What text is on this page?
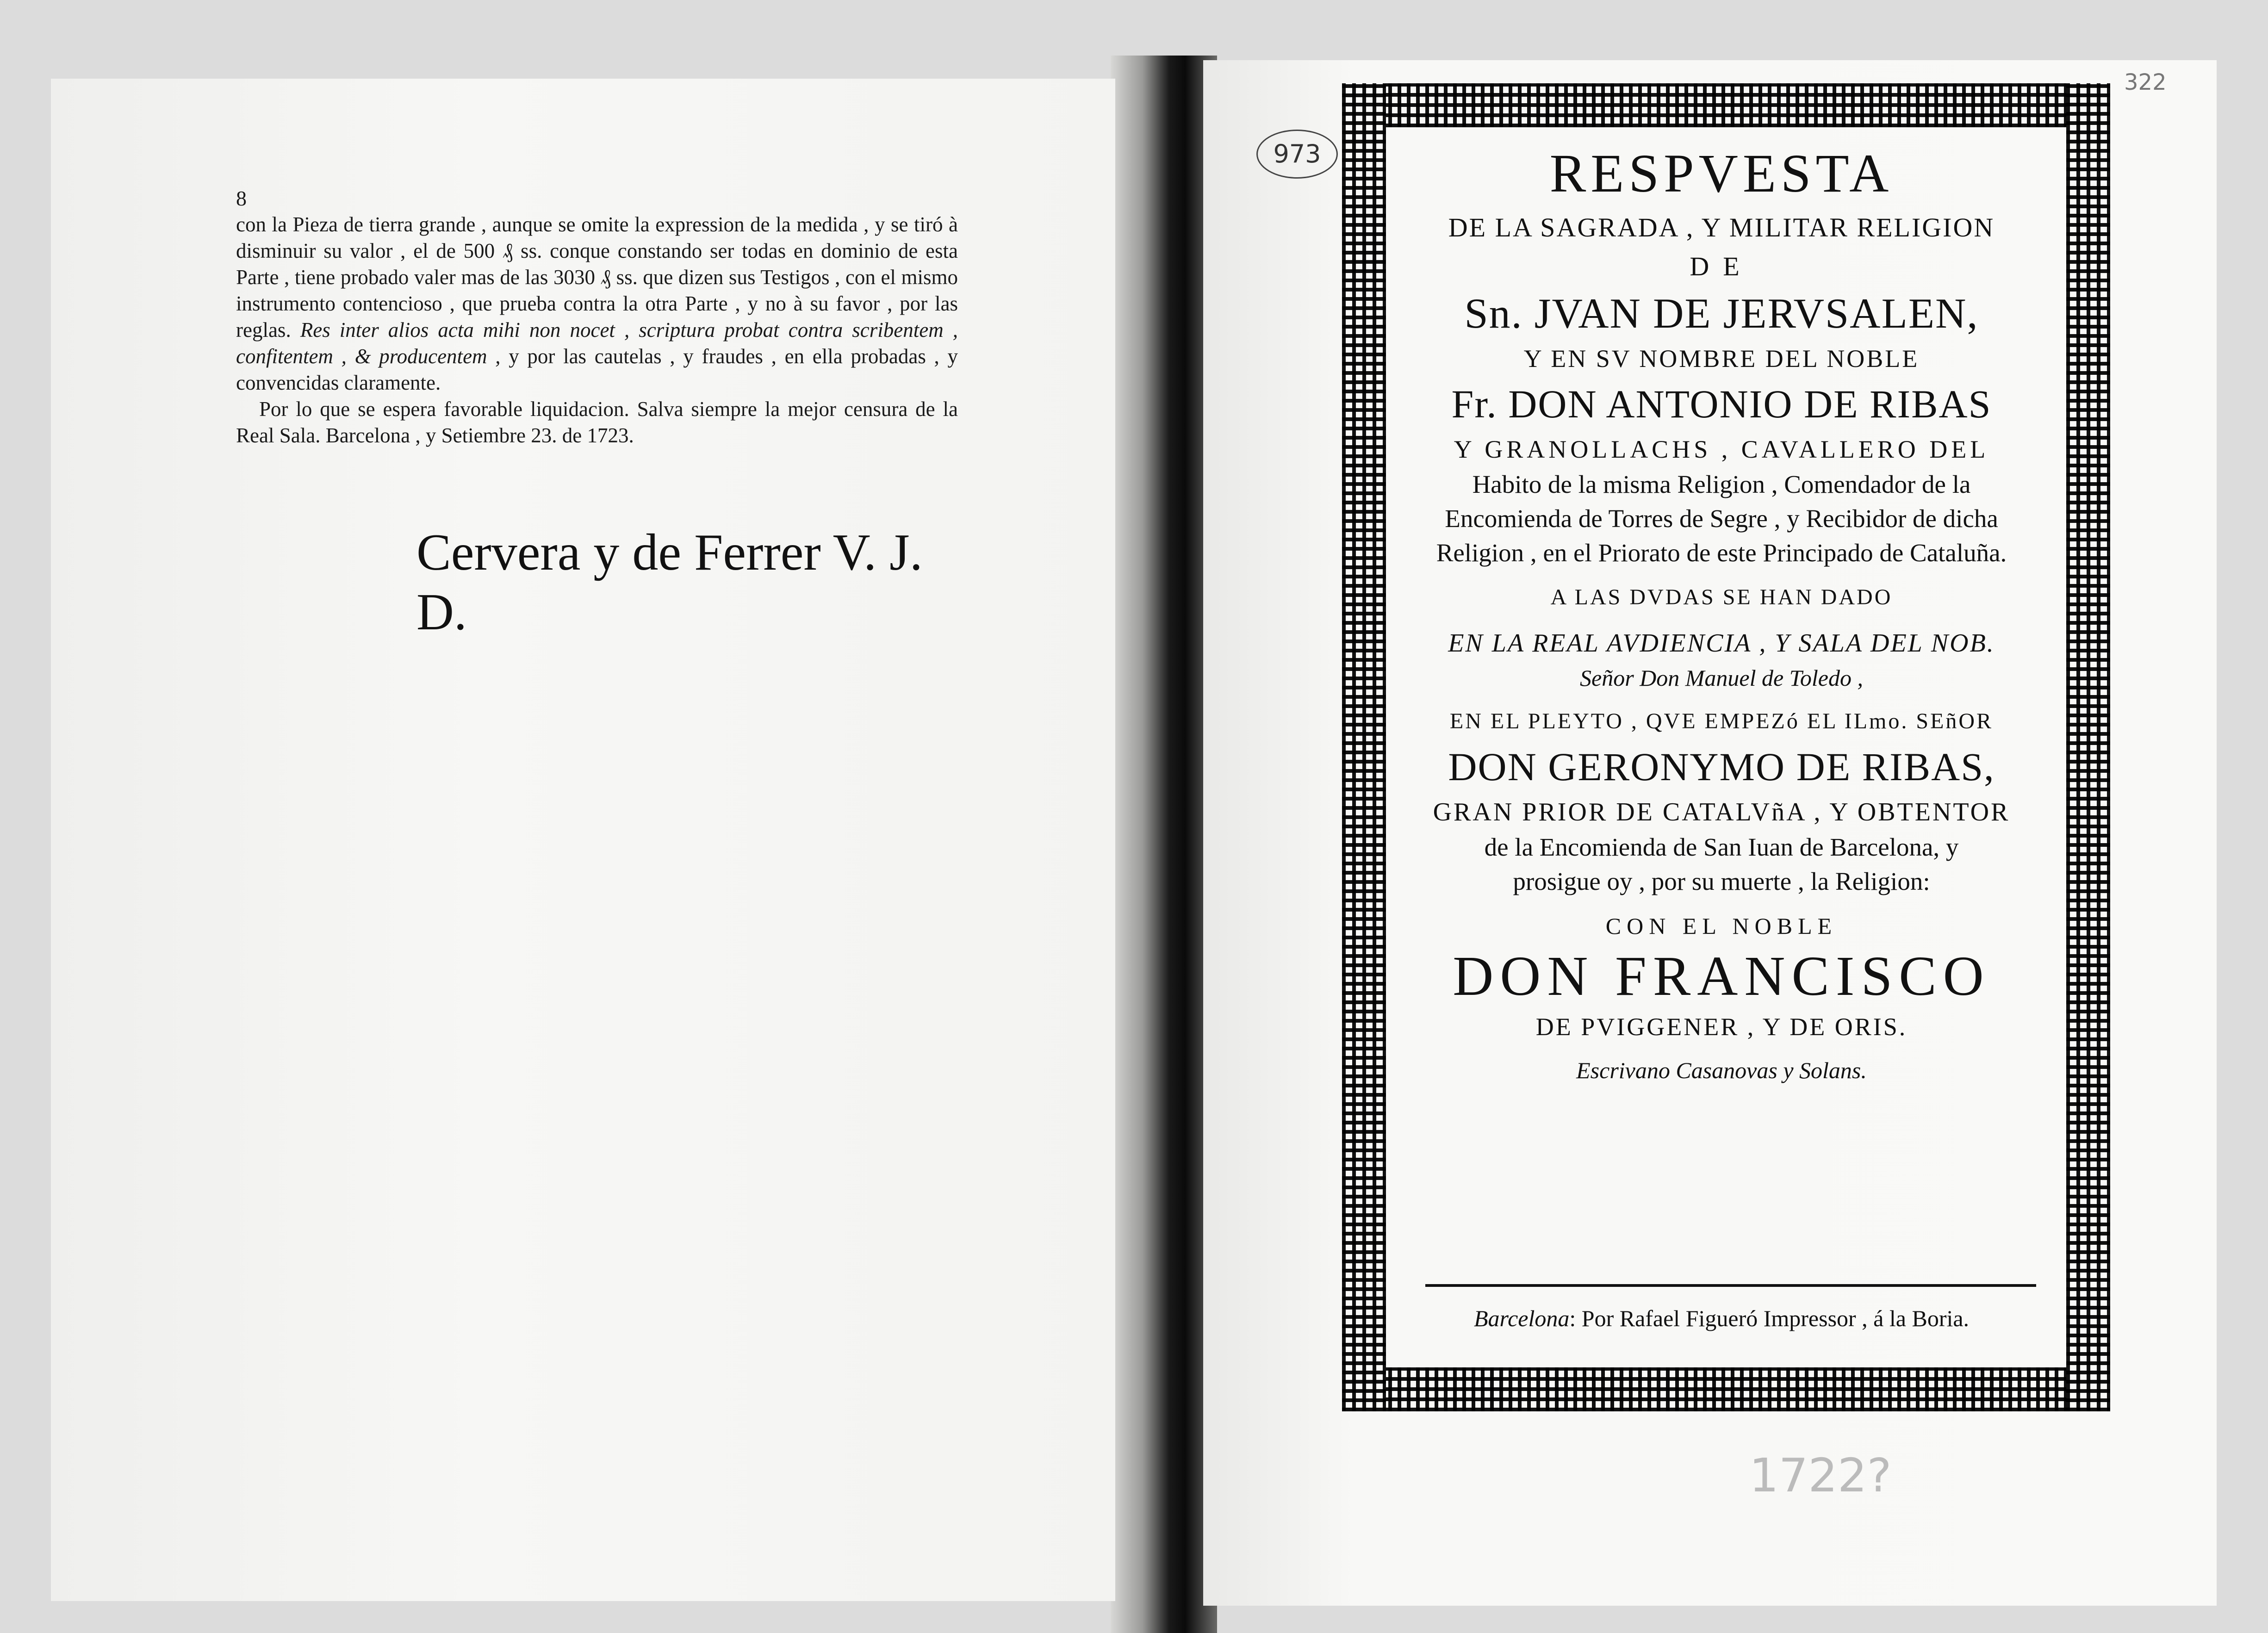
8

con la Pieza de tierra grande , aunque se omite la expression de la medida , y se tiró à disminuir su valor , el de 500 ₰ ss. conque constando ser todas en dominio de esta Parte , tiene probado valer mas de las 3030 ₰ ss. que dizen sus Testigos , con el mismo instrumento contencioso , que prueba contra la otra Parte , y no à su favor , por las reglas. Res inter alios acta mihi non nocet , scriptura probat contra scribentem , confitentem , & producentem , y por las cautelas , y fraudes , en ella probadas , y convencidas claramente.

Por lo que se espera favorable liquidacion. Salva siempre la mejor censura de la Real Sala. Barcelona , y Setiembre 23. de 1723.

Cervera y de Ferrer V. J. D.
RESPVESTA
DE LA SAGRADA , Y MILITAR RELIGION
DE
Sn. JVAN DE JERVSALEN,
Y EN SV NOMBRE DEL NOBLE
Fr. DON ANTONIO DE RIBAS
Y GRANOLLACHS , CAVALLERO DEL
Habito de la misma Religion , Comendador de la Encomienda de Torres de Segre , y Recibidor de dicha Religion , en el Priorato de este Principado de Cataluña.
A LAS DVDAS SE HAN DADO
EN LA REAL AVDIENCIA , Y SALA DEL NOB.
Señor Don Manuel de Toledo ,
EN EL PLEYTO , QVE EMPEZó EL ILmo. SEñOR
DON GERONYMO DE RIBAS,
GRAN PRIOR DE CATALVñA , Y OBTENTOR
de la Encomienda de San Iuan de Barcelona, y prosigue oy , por su muerte , la Religion:
CON EL NOBLE
DON FRANCISCO
DE PVIGGENER , Y DE ORIS.
Escrivano Casanovas y Solans.
Barcelona: Por Rafael Figueró Impressor , á la Boria.
973
322
1722?
